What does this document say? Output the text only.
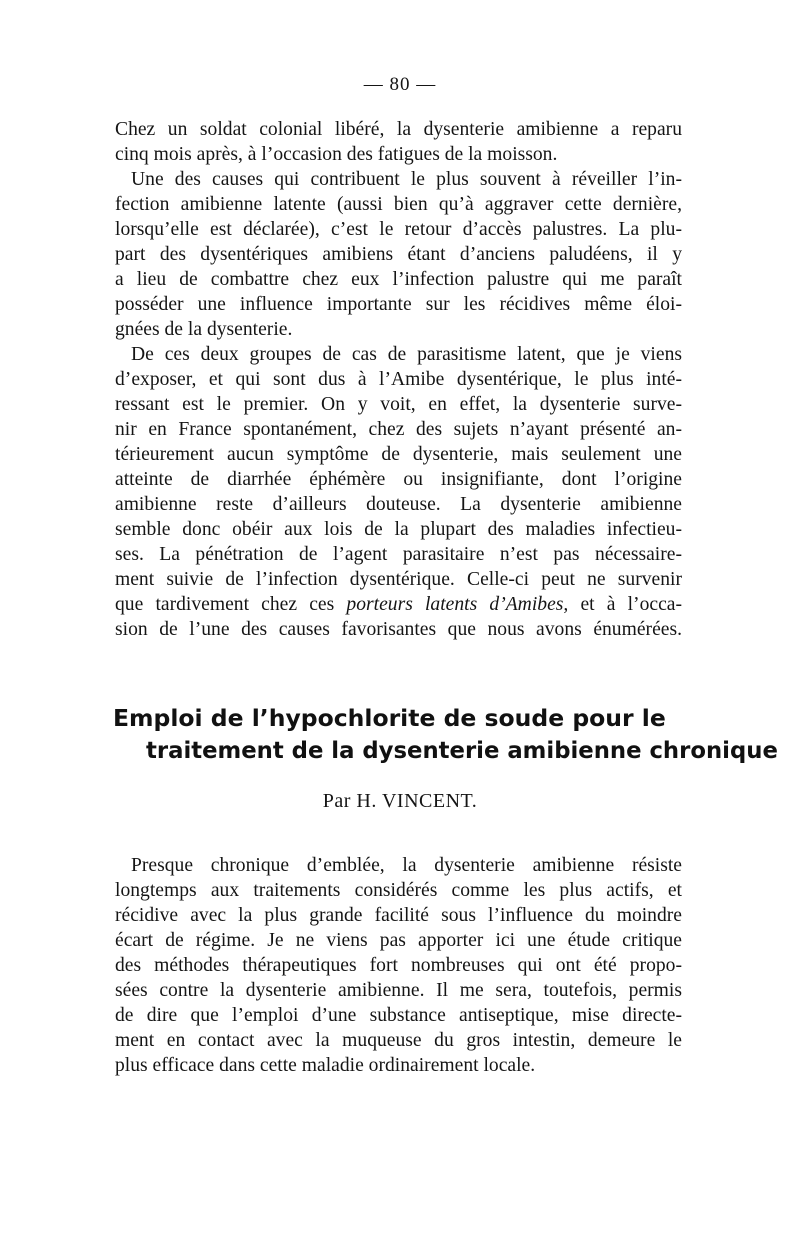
— 80 —
Chez un soldat colonial libéré, la dysenterie amibienne a reparu
cinq mois après, à l’occasion des fatigues de la moisson.
Une des causes qui contribuent le plus souvent à réveiller l’in-
fection amibienne latente (aussi bien qu’à aggraver cette dernière,
lorsqu’elle est déclarée), c’est le retour d’accès palustres. La plu-
part des dysentériques amibiens étant d’anciens paludéens, il y
a lieu de combattre chez eux l’infection palustre qui me paraît
posséder une influence importante sur les récidives même éloi-
gnées de la dysenterie.
De ces deux groupes de cas de parasitisme latent, que je viens
d’exposer, et qui sont dus à l’Amibe dysentérique, le plus inté-
ressant est le premier. On y voit, en effet, la dysenterie surve-
nir en France spontanément, chez des sujets n’ayant présenté an-
térieurement aucun symptôme de dysenterie, mais seulement une
atteinte de diarrhée éphémère ou insignifiante, dont l’origine
amibienne reste d’ailleurs douteuse. La dysenterie amibienne
semble donc obéir aux lois de la plupart des maladies infectieu-
ses. La pénétration de l’agent parasitaire n’est pas nécessaire-
ment suivie de l’infection dysentérique. Celle-ci peut ne survenir
que tardivement chez ces porteurs latents d’Amibes, et à l’occa-
sion de l’une des causes favorisantes que nous avons énumérées.
Emploi de l’hypochlorite de soude pour le
traitement de la dysenterie amibienne chronique
Par H. VINCENT.
Presque chronique d’emblée, la dysenterie amibienne résiste
longtemps aux traitements considérés comme les plus actifs, et
récidive avec la plus grande facilité sous l’influence du moindre
écart de régime. Je ne viens pas apporter ici une étude critique
des méthodes thérapeutiques fort nombreuses qui ont été propo-
sées contre la dysenterie amibienne. Il me sera, toutefois, permis
de dire que l’emploi d’une substance antiseptique, mise directe-
ment en contact avec la muqueuse du gros intestin, demeure le
plus efficace dans cette maladie ordinairement locale.
